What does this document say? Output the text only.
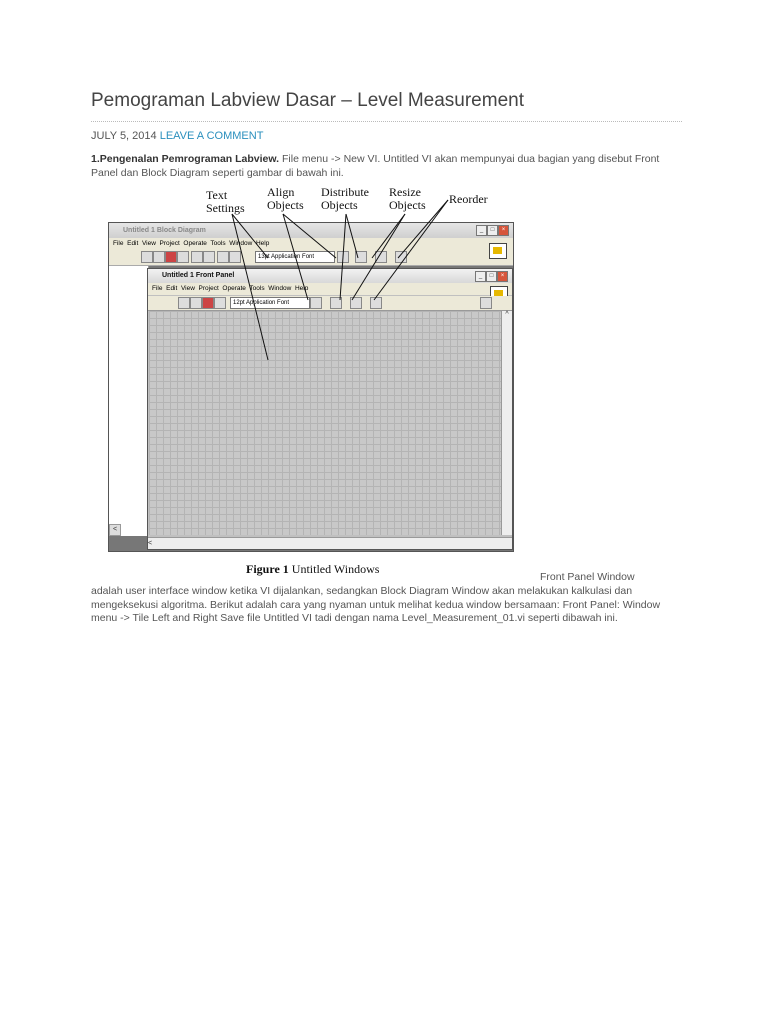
Pemograman Labview Dasar – Level Measurement
JULY 5, 2014 LEAVE A COMMENT

1.Pengenalan Pemrograman Labview. File menu -> New VI. Untitled VI akan mempunyai dua bagian yang disebut Front Panel dan Block Diagram seperti gambar di bawah ini.

Text
Settings
Align
Objects
Distribute
Objects
Resize
Objects Reorder
Untitled 1 Block Diagram	_	□	×
File Edit View Project Operate Tools Window Help
13pt Application Font
<
Untitled 1 Front Panel	_	□	×
File Edit View Project Operate Tools Window Help
12pt Application Font
^
<
Figure 1 Untitled Windows
Front Panel Window

adalah user interface window ketika VI dijalankan, sedangkan Block Diagram Window akan melakukan kalkulasi dan mengeksekusi algoritma. Berikut adalah cara yang nyaman untuk melihat kedua window bersamaan: Front Panel: Window menu -> Tile Left and Right Save file Untitled VI tadi dengan nama Level_Measurement_01.vi seperti dibawah ini.
